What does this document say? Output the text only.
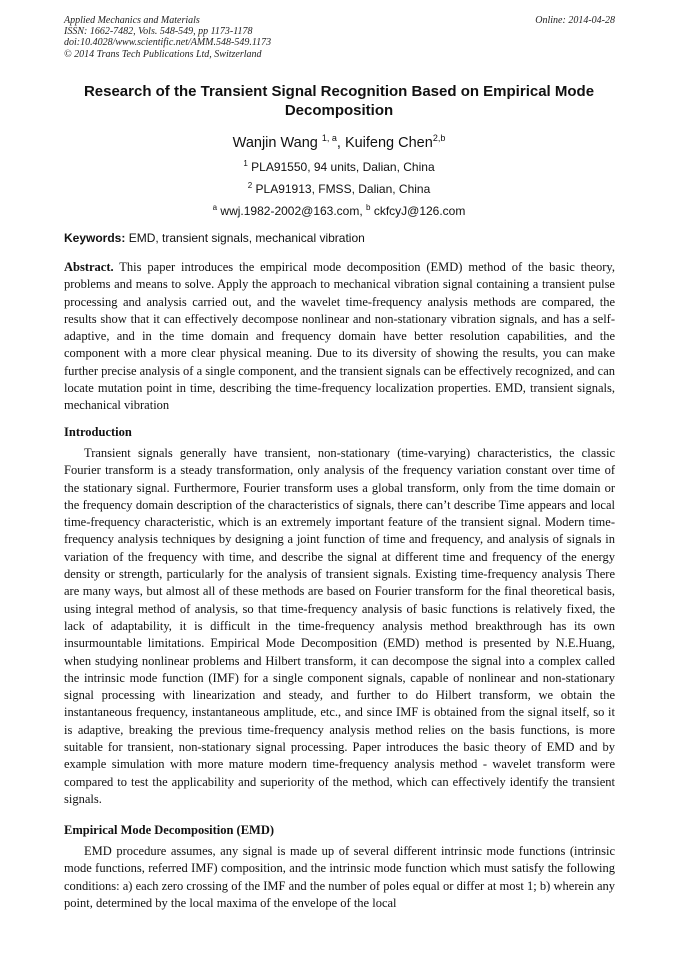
Applied Mechanics and Materials
ISSN: 1662-7482, Vols. 548-549, pp 1173-1178
doi:10.4028/www.scientific.net/AMM.548-549.1173
© 2014 Trans Tech Publications Ltd, Switzerland
Online: 2014-04-28
Research of the Transient Signal Recognition Based on Empirical Mode Decomposition
Wanjin Wang $^{1, a}$, Kuifeng Chen$^{2,b}$
$^1$ PLA91550, 94 units, Dalian, China
$^2$ PLA91913, FMSS, Dalian, China
$^a$ wwj.1982-2002@163.com, $^b$ ckfcyJ@126.com
Keywords: EMD, transient signals, mechanical vibration
Abstract. This paper introduces the empirical mode decomposition (EMD) method of the basic theory, problems and means to solve. Apply the approach to mechanical vibration signal containing a transient pulse processing and analysis carried out, and the wavelet time-frequency analysis methods are compared, the results show that it can effectively decompose nonlinear and non-stationary vibration signals, and has a self-adaptive, and in the time domain and frequency domain have better resolution capabilities, and the component with a more clear physical meaning. Due to its diversity of showing the results, you can make further precise analysis of a single component, and the transient signals can be effectively recognized, and can locate mutation point in time, describing the time-frequency localization properties. EMD, transient signals, mechanical vibration
Introduction
Transient signals generally have transient, non-stationary (time-varying) characteristics, the classic Fourier transform is a steady transformation, only analysis of the frequency variation constant over time of the stationary signal. Furthermore, Fourier transform uses a global transform, only from the time domain or the frequency domain description of the characteristics of signals, there can’t describe Time appears and local time-frequency characteristic, which is an extremely important feature of the transient signal. Modern time-frequency analysis techniques by designing a joint function of time and frequency, and analysis of signals in variation of the frequency with time, and describe the signal at different time and frequency of the energy density or strength, particularly for the analysis of transient signals. Existing time-frequency analysis There are many ways, but almost all of these methods are based on Fourier transform for the final theoretical basis, using integral method of analysis, so that time-frequency analysis of basic functions is relatively fixed, the lack of adaptability, it is difficult in the time-frequency analysis method breakthrough has its own insurmountable limitations. Empirical Mode Decomposition (EMD) method is presented by N.E.Huang, when studying nonlinear problems and Hilbert transform, it can decompose the signal into a complex called the intrinsic mode function (IMF) for a single component signals, capable of nonlinear and non-stationary signal processing with linearization and steady, and further to do Hilbert transform, we obtain the instantaneous frequency, instantaneous amplitude, etc., and since IMF is obtained from the signal itself, so it is adaptive, breaking the previous time-frequency analysis method relies on the basis functions, is more suitable for transient, non-stationary signal processing. Paper introduces the basic theory of EMD and by example simulation with more mature modern time-frequency analysis method - wavelet transform were compared to test the applicability and superiority of the method, which can effectively identify the transient signals.
Empirical Mode Decomposition (EMD)
EMD procedure assumes, any signal is made up of several different intrinsic mode functions (intrinsic mode functions, referred IMF) composition, and the intrinsic mode function which must satisfy the following conditions: a) each zero crossing of the IMF and the number of poles equal or differ at most 1; b) wherein any point, determined by the local maxima of the envelope of the local
